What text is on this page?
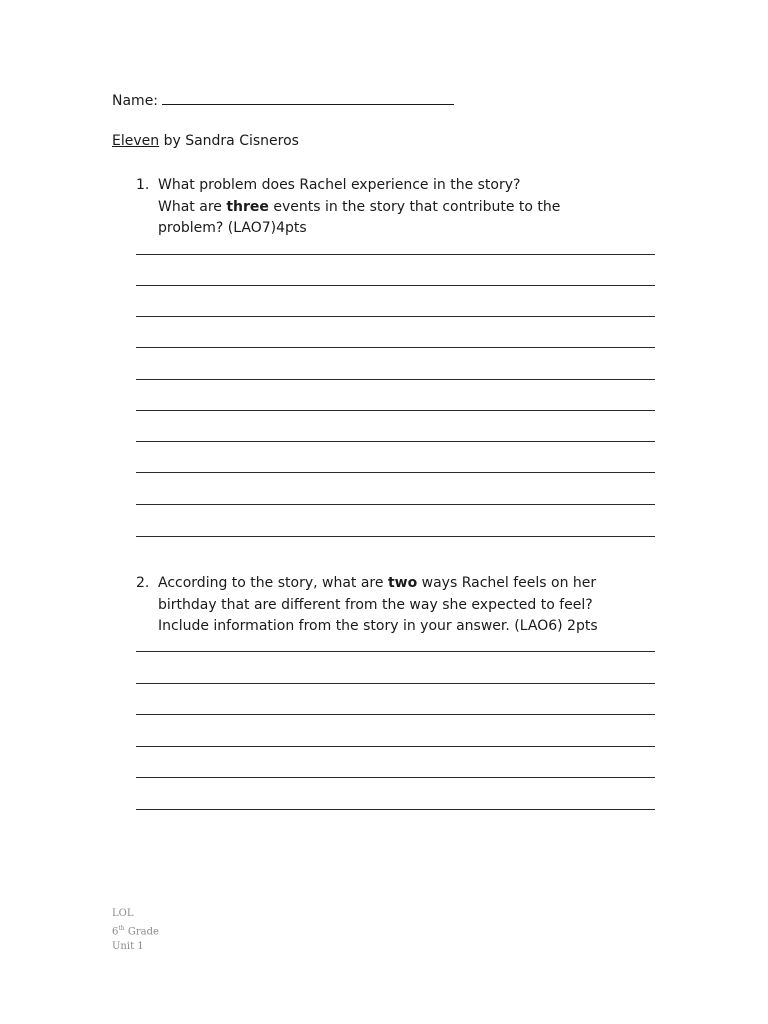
Name:
Eleven by Sandra Cisneros
1. What problem does Rachel experience in the story?
What are three events in the story that contribute to the
problem? (LAO7)4pts
2. According to the story, what are two ways Rachel feels on her
birthday that are different from the way she expected to feel?
Include information from the story in your answer. (LAO6) 2pts
LOL
6th Grade
Unit 1
